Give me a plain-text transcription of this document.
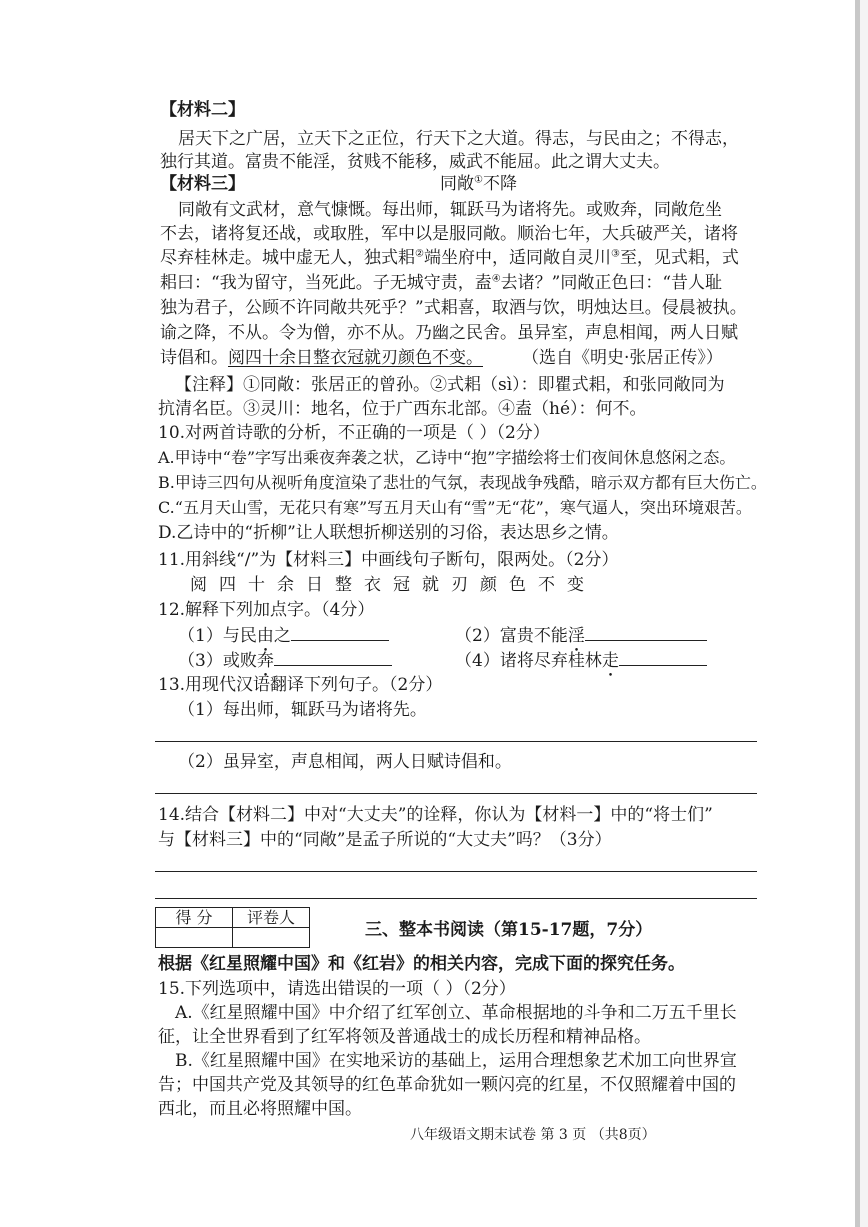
【材料二】
居天下之广居，立天下之正位，行天下之大道。得志，与民由之；不得志，
独行其道。富贵不能淫，贫贱不能移，威武不能屈。此之谓大丈夫。
【材料三】	同敞①不降
同敞有文武材，意气慷慨。每出师，辄跃马为诸将先。或败奔，同敞危坐
不去，诸将复还战，或取胜，军中以是服同敞。顺治七年，大兵破严关，诸将
尽弃桂林走。城中虚无人，独式耜②端坐府中，适同敞自灵川③至，见式耜，式
耜曰：“我为留守，当死此。子无城守责，盍④去诸？”同敞正色曰：“昔人耻
独为君子，公顾不许同敞共死乎？”式耜喜，取酒与饮，明烛达旦。侵晨被执。
谕之降，不从。令为僧，亦不从。乃幽之民舍。虽异室，声息相闻，两人日赋
诗倡和。阅四十余日整衣冠就刃颜色不变。 （选自《明史·张居正传》）
【注释】①同敞：张居正的曾孙。②式耜（sì）：即瞿式耜，和张同敞同为
抗清名臣。③灵川：地名，位于广西东北部。④盍（hé）：何不。
10.对两首诗歌的分析，不正确的一项是（ ）（2分）
A.甲诗中“卷”字写出乘夜奔袭之状，乙诗中“抱”字描绘将士们夜间休息悠闲之态。
B.甲诗三四句从视听角度渲染了悲壮的气氛，表现战争残酷，暗示双方都有巨大伤亡。
C.“五月天山雪，无花只有寒”写五月天山有“雪”无“花”，寒气逼人，突出环境艰苦。
D.乙诗中的“折柳”让人联想折柳送别的习俗，表达思乡之情。
11.用斜线“/”为【材料三】中画线句子断句，限两处。（2分）
阅四十余日整衣冠就刃颜色不变
12.解释下列加点字。（4分）
（1）与民由之	（2）富贵不能淫
（3）或败奔	（4）诸将尽弃桂林走
13.用现代汉语翻译下列句子。（2分）
（1）每出师，辄跃马为诸将先。
（2）虽异室，声息相闻，两人日赋诗倡和。
14.结合【材料二】中对“大丈夫”的诠释，你认为【材料一】中的“将士们”
与【材料三】中的“同敞”是孟子所说的“大丈夫”吗？（3分）
得 分	评卷人

三、整本书阅读（第15-17题，7分）
根据《红星照耀中国》和《红岩》的相关内容，完成下面的探究任务。
15.下列选项中，请选出错误的一项（ ）（2分）
A.《红星照耀中国》中介绍了红军创立、革命根据地的斗争和二万五千里长
征，让全世界看到了红军将领及普通战士的成长历程和精神品格。
B.《红星照耀中国》在实地采访的基础上，运用合理想象艺术加工向世界宣
告；中国共产党及其领导的红色革命犹如一颗闪亮的红星，不仅照耀着中国的
西北，而且必将照耀中国。
八年级语文期末试卷 第 3 页 （共8页）
